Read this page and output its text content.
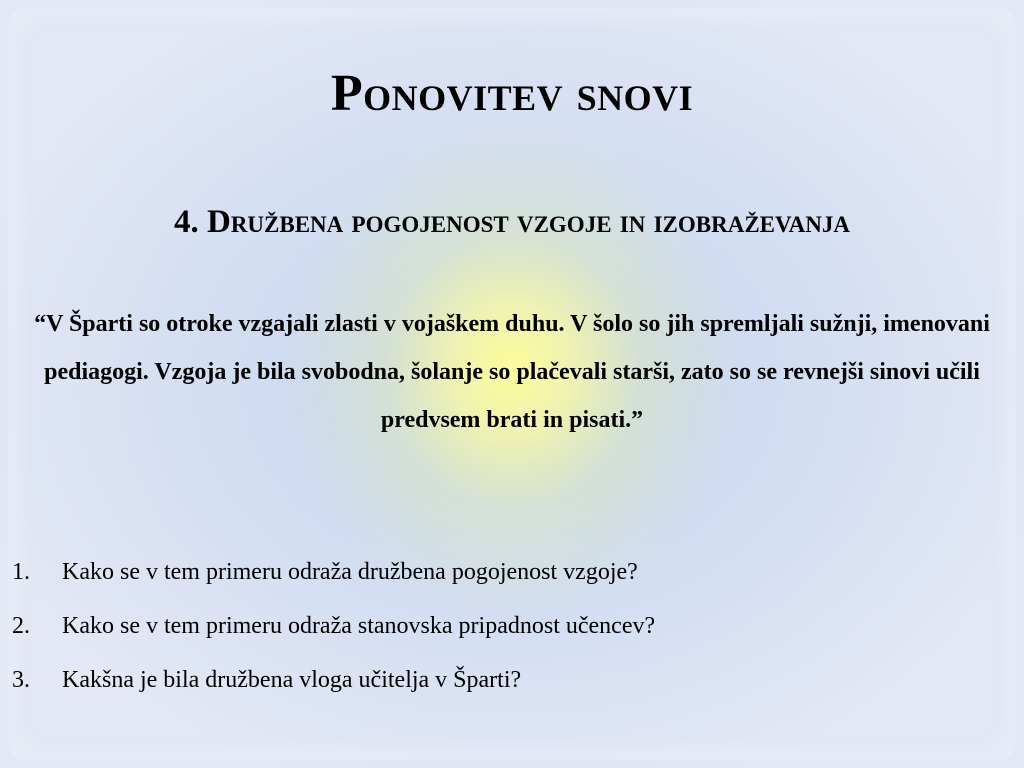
Ponovitev snovi
4. Družbena pogojenost vzgoje in izobraževanja

“V Šparti so otroke vzgajali zlasti v vojaškem duhu. V šolo so jih spremljali sužnji, imenovani pediagogi. Vzgoja je bila svobodna, šolanje so plačevali starši, zato so se revnejši sinovi učili predvsem brati in pisati.”

1. Kako se v tem primeru odraža družbena pogojenost vzgoje?
2. Kako se v tem primeru odraža stanovska pripadnost učencev?
3. Kakšna je bila družbena vloga učitelja v Šparti?
